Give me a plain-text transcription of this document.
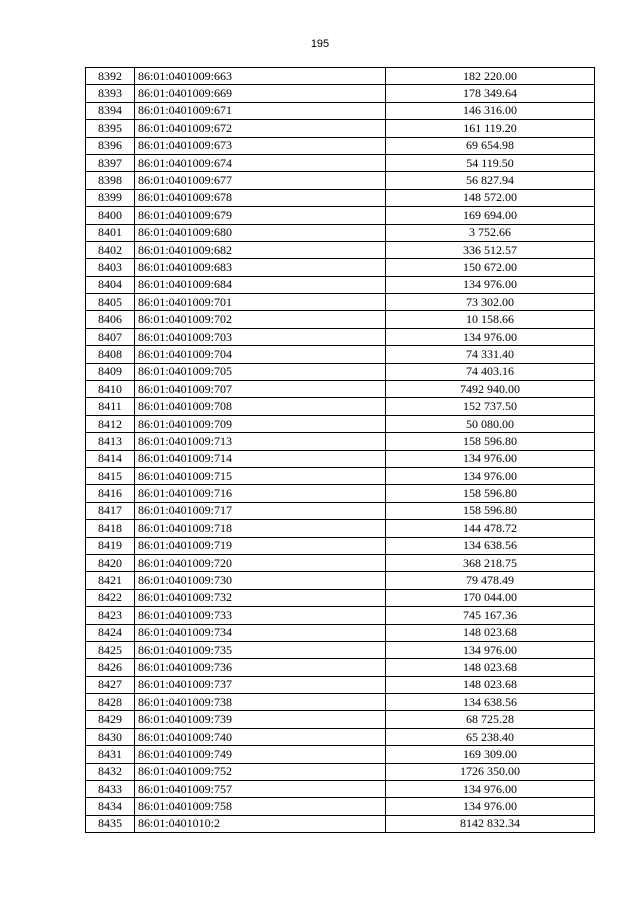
195
8392	86:01:0401009:663	182 220.00
8393	86:01:0401009:669	178 349.64
8394	86:01:0401009:671	146 316.00
8395	86:01:0401009:672	161 119.20
8396	86:01:0401009:673	69 654.98
8397	86:01:0401009:674	54 119.50
8398	86:01:0401009:677	56 827.94
8399	86:01:0401009:678	148 572.00
8400	86:01:0401009:679	169 694.00
8401	86:01:0401009:680	3 752.66
8402	86:01:0401009:682	336 512.57
8403	86:01:0401009:683	150 672.00
8404	86:01:0401009:684	134 976.00
8405	86:01:0401009:701	73 302.00
8406	86:01:0401009:702	10 158.66
8407	86:01:0401009:703	134 976.00
8408	86:01:0401009:704	74 331.40
8409	86:01:0401009:705	74 403.16
8410	86:01:0401009:707	7492 940.00
8411	86:01:0401009:708	152 737.50
8412	86:01:0401009:709	50 080.00
8413	86:01:0401009:713	158 596.80
8414	86:01:0401009:714	134 976.00
8415	86:01:0401009:715	134 976.00
8416	86:01:0401009:716	158 596.80
8417	86:01:0401009:717	158 596.80
8418	86:01:0401009:718	144 478.72
8419	86:01:0401009:719	134 638.56
8420	86:01:0401009:720	368 218.75
8421	86:01:0401009:730	79 478.49
8422	86:01:0401009:732	170 044.00
8423	86:01:0401009:733	745 167.36
8424	86:01:0401009:734	148 023.68
8425	86:01:0401009:735	134 976.00
8426	86:01:0401009:736	148 023.68
8427	86:01:0401009:737	148 023.68
8428	86:01:0401009:738	134 638.56
8429	86:01:0401009:739	68 725.28
8430	86:01:0401009:740	65 238.40
8431	86:01:0401009:749	169 309.00
8432	86:01:0401009:752	1726 350.00
8433	86:01:0401009:757	134 976.00
8434	86:01:0401009:758	134 976.00
8435	86:01:0401010:2	8142 832.34
